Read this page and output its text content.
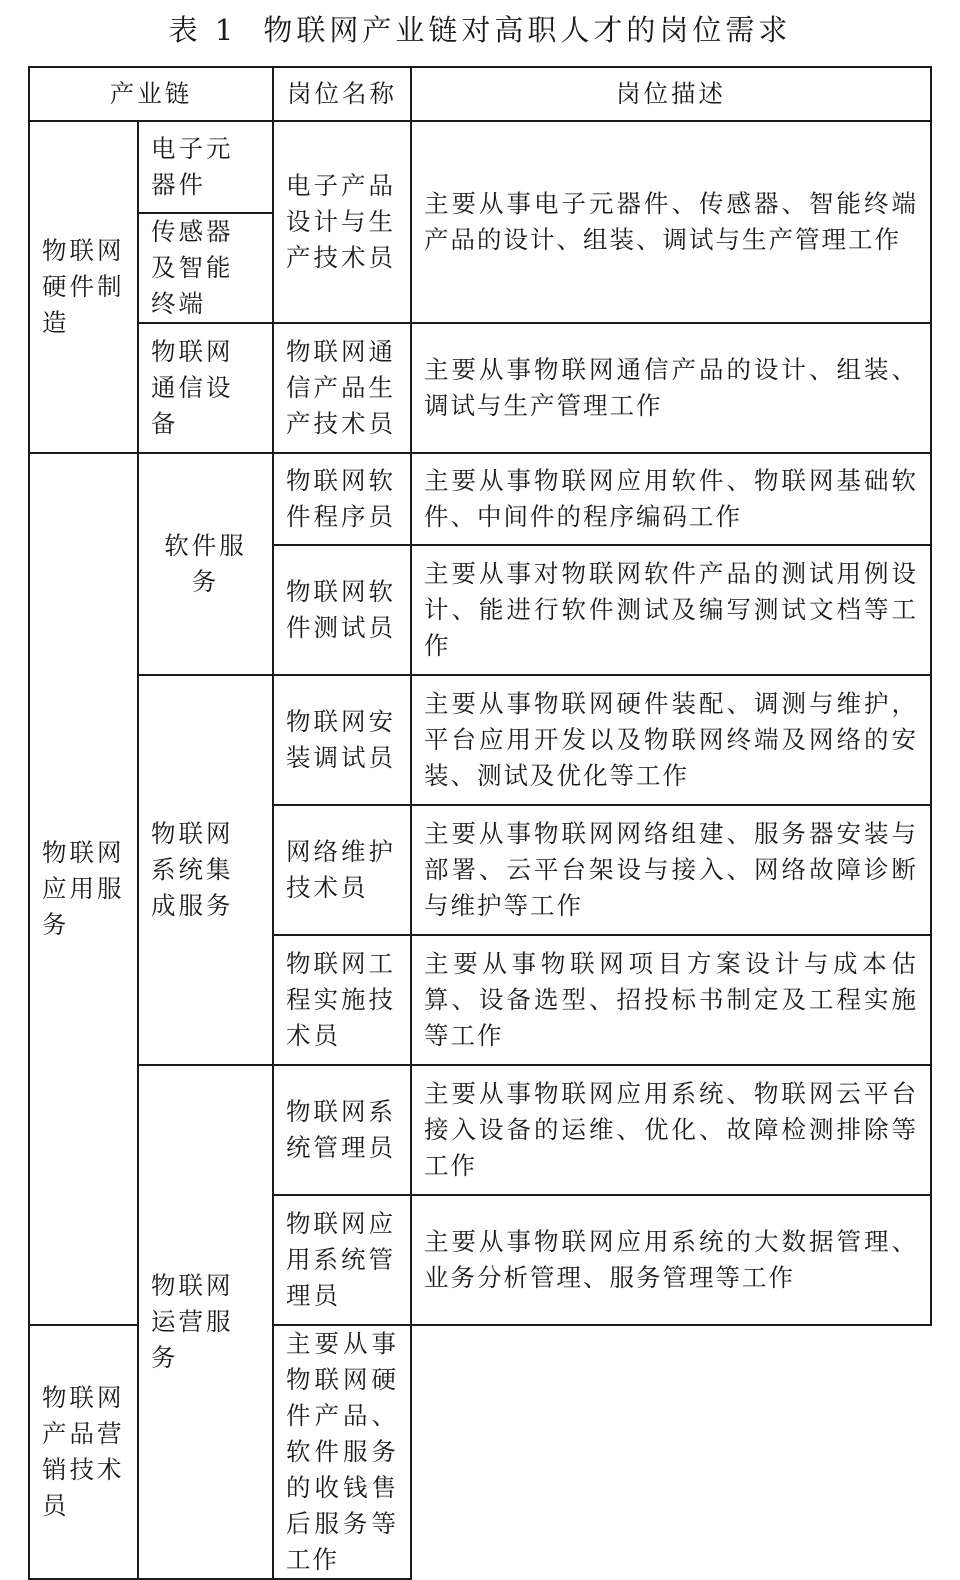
表 1 物联网产业链对高职人才的岗位需求
产业链		岗位名称	岗位描述
物联网硬件制造	电子元器件	电子产品设计与生产技术员	主要从事电子元器件、传感器、智能终端产品的设计、组装、调试与生产管理工作
	传感器及智能终端		
	物联网通信设备	物联网通信产品生产技术员	主要从事物联网通信产品的设计、组装、调试与生产管理工作
物联网应用服务	软件服务	物联网软件程序员	主要从事物联网应用软件、物联网基础软件、中间件的程序编码工作
		物联网软件测试员	主要从事对物联网软件产品的测试用例设计、能进行软件测试及编写测试文档等工作
	物联网系统集成服务	物联网安装调试员	主要从事物联网硬件装配、调测与维护，平台应用开发以及物联网终端及网络的安装、测试及优化等工作
		网络维护技术员	主要从事物联网网络组建、服务器安装与部署、云平台架设与接入、网络故障诊断与维护等工作
		物联网工程实施技术员	主要从事物联网项目方案设计与成本估算、设备选型、招投标书制定及工程实施等工作
	物联网运营服务	物联网系统管理员	主要从事物联网应用系统、物联网云平台接入设备的运维、优化、故障检测排除等工作
		物联网应用系统管理员	主要从事物联网应用系统的大数据管理、业务分析管理、服务管理等工作
物联网产品营销技术员		主要从事物联网硬件产品、软件服务的收钱售后服务等工作	
